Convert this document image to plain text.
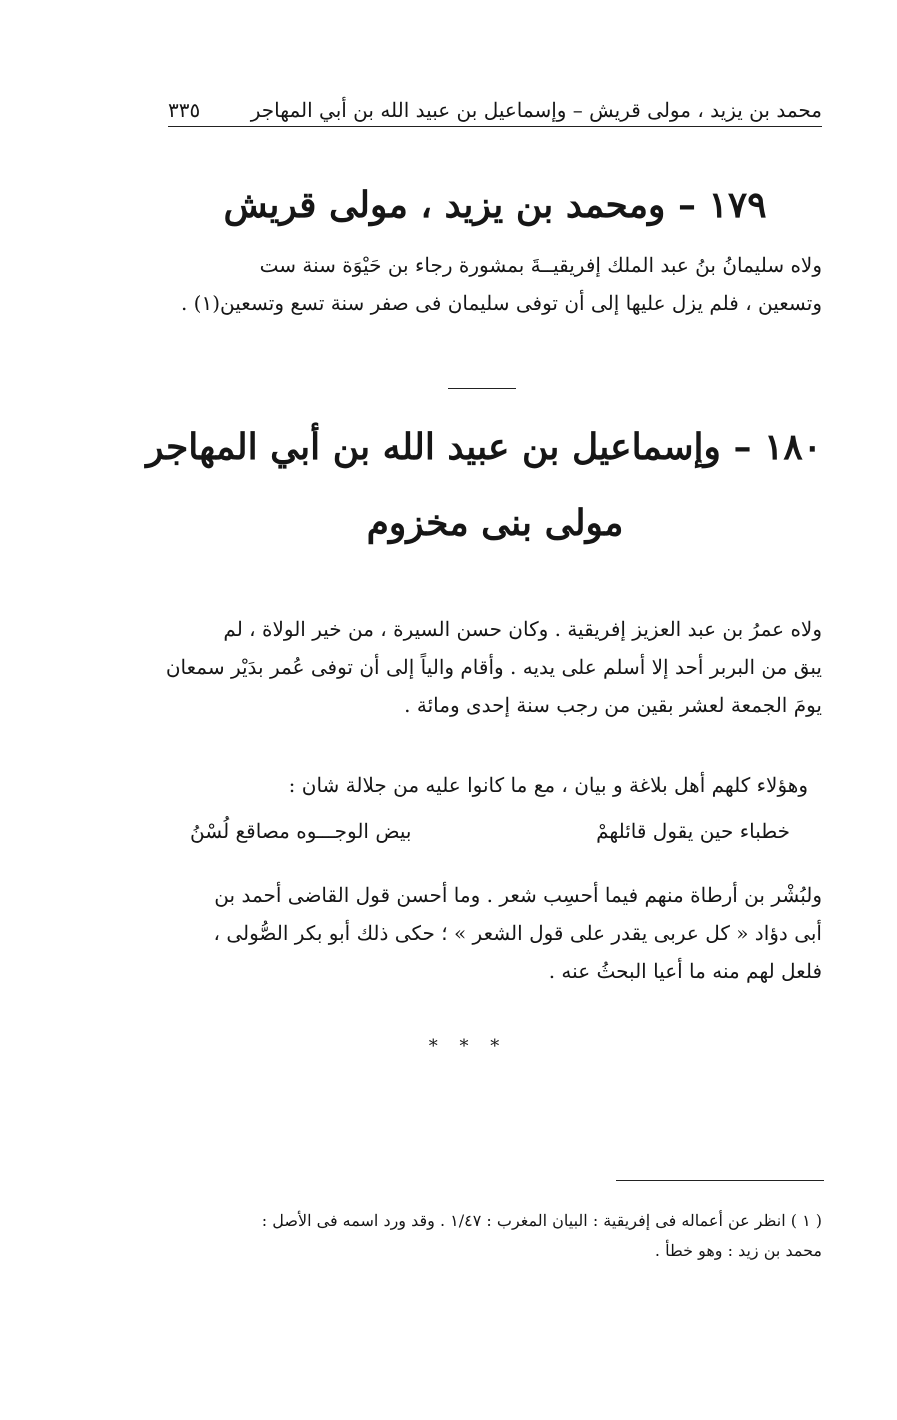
محمد بن يزيد ، مولى قريش – وإسماعيل بن عبيد الله بن أبي المهاجر
٣٣٥
١٧٩ – ومحمد بن يزيد ، مولى قريش

ولاه سليمانُ بنُ عبد الملك إفريقيــةَ بمشورة رجاء بن حَيْوَة سنة ست

وتسعين ، فلم يزل عليها إلى أن توفى سليمان فى صفر سنة تسع وتسعين(١) .

١٨٠ – وإسماعيل بن عبيد الله بن أبي المهاجر
مولى بنى مخزوم

ولاه عمرُ بن عبد العزيز إفريقية . وكان حسن السيرة ، من خير الولاة ، لم

يبق من البربر أحد إلا أسلم على يديه . وأقام والياً إلى أن توفى عُمر بدَيْر سمعان

يومَ الجمعة لعشر بقين من رجب سنة إحدى ومائة .

وهؤلاء كلهم أهل بلاغة و بيان ، مع ما كانوا عليه من جلالة شان :

خطباء حين يقول قائلهمْ
بيض الوجـــوه مصاقع لُسْنُ

ولبُشْر بن أرطاة منهم فيما أحسِب شعر . وما أحسن قول القاضى أحمد بن

أبى دؤاد « كل عربى يقدر على قول الشعر » ؛ حكى ذلك أبو بكر الصُّولى ،

فلعل لهم منه ما أعيا البحثُ عنه .

* * *

( ١ ) انظر عن أعماله فى إفريقية : البيان المغرب : ١/٤٧ . وقد ورد اسمه فى الأصل :

محمد بن زيد : وهو خطأ .
